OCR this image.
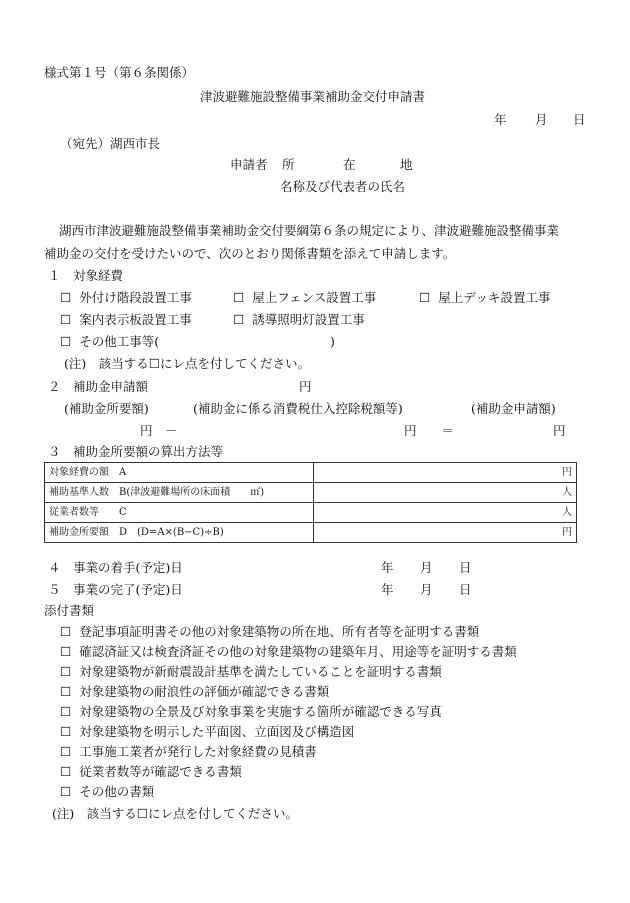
様式第１号（第６条関係）
津波避難施設整備事業補助金交付申請書
年 月 日
（宛先）湖西市長
申請者 所	在	地
名称及び代表者の氏名
湖西市津波避難施設整備事業補助金交付要綱第６条の規定により、津波避難施設整備事業
補助金の交付を受けたいので、次のとおり関係書類を添えて申請します。
１　対象経費
☐ 外付け階段設置工事	☐ 屋上フェンス設置工事	☐ 屋上デッキ設置工事
☐ 案内表示板設置工事	☐ 誘導照明灯設置工事
☐ その他工事等(	)
(注)　該当する☐にレ点を付してください。
２　補助金申請額	円
(補助金所要額)	(補助金に係る消費税仕入控除税額等)	(補助金申請額)
円　－	円　　＝	円
３　補助金所要額の算出方法等
対象経費の額　A	円
補助基準人数　B(津波避難場所の床面積　　㎡)	人
従業者数等　　C	人
補助金所要額　D　(D=A×(B−C)÷B)	円
４　事業の着手(予定)日	年 月 日
５　事業の完了(予定)日	年 月 日
添付書類
☐ 登記事項証明書その他の対象建築物の所在地、所有者等を証明する書類
☐ 確認済証又は検査済証その他の対象建築物の建築年月、用途等を証明する書類
☐ 対象建築物が新耐震設計基準を満たしていることを証明する書類
☐ 対象建築物の耐浪性の評価が確認できる書類
☐ 対象建築物の全景及び対象事業を実施する箇所が確認できる写真
☐ 対象建築物を明示した平面図、立面図及び構造図
☐ 工事施工業者が発行した対象経費の見積書
☐ 従業者数等が確認できる書類
☐ その他の書類
(注)　該当する☐にレ点を付してください。
